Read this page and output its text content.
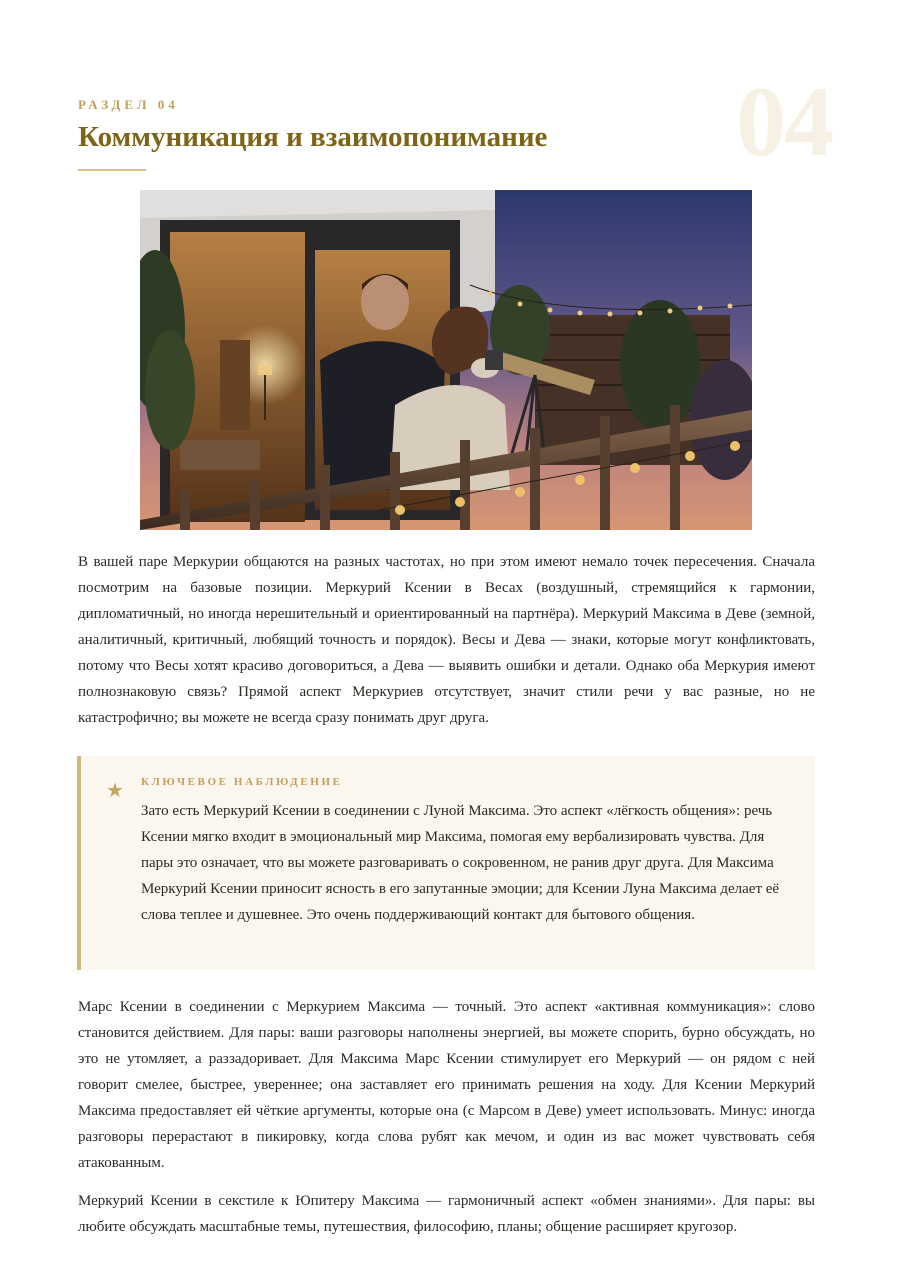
04
РАЗДЕЛ 04
Коммуникация и взаимопонимание

В вашей паре Меркурии общаются на разных частотах, но при этом имеют немало точек пересечения. Сначала посмотрим на базовые позиции. Меркурий Ксении в Весах (воздушный, стремящийся к гармонии, дипломатичный, но иногда нерешительный и ориентированный на партнёра). Меркурий Максима в Деве (земной, аналитичный, критичный, любящий точность и порядок). Весы и Дева — знаки, которые могут конфликтовать, потому что Весы хотят красиво договориться, а Дева — выявить ошибки и детали. Однако оба Меркурия имеют полнознаковую связь? Прямой аспект Меркуриев отсутствует, значит стили речи у вас разные, но не катастрофично; вы можете не всегда сразу понимать друг друга.

★ КЛЮЧЕВОЕ НАБЛЮДЕНИЕ

Зато есть Меркурий Ксении в соединении с Луной Максима. Это аспект «лёгкость общения»: речь Ксении мягко входит в эмоциональный мир Максима, помогая ему вербализировать чувства. Для пары это означает, что вы можете разговаривать о сокровенном, не ранив друг друга. Для Максима Меркурий Ксении приносит ясность в его запутанные эмоции; для Ксении Луна Максима делает её слова теплее и душевнее. Это очень поддерживающий контакт для бытового общения.

Марс Ксении в соединении с Меркурием Максима — точный. Это аспект «активная коммуникация»: слово становится действием. Для пары: ваши разговоры наполнены энергией, вы можете спорить, бурно обсуждать, но это не утомляет, а раззадоривает. Для Максима Марс Ксении стимулирует его Меркурий — он рядом с ней говорит смелее, быстрее, увереннее; она заставляет его принимать решения на ходу. Для Ксении Меркурий Максима предоставляет ей чёткие аргументы, которые она (с Марсом в Деве) умеет использовать. Минус: иногда разговоры перерастают в пикировку, когда слова рубят как мечом, и один из вас может чувствовать себя атакованным.

Меркурий Ксении в секстиле к Юпитеру Максима — гармоничный аспект «обмен знаниями». Для пары: вы любите обсуждать масштабные темы, путешествия, философию, планы; общение расширяет кругозор.
